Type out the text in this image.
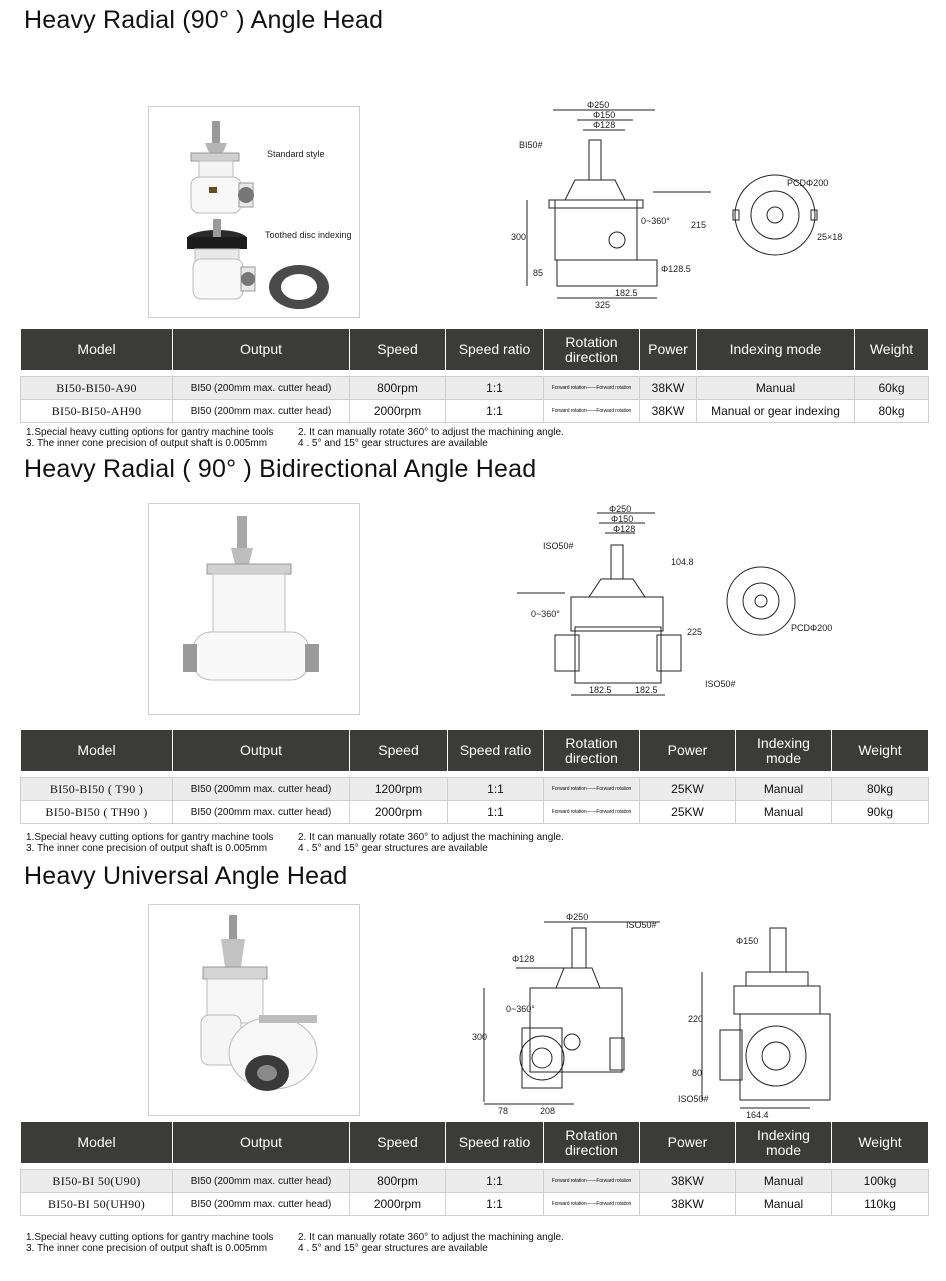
Heavy Radial (90° ) Angle Head
Standard style
Toothed disc indexing
Φ250
Φ150
Φ128
BI50#
300
85
325
182.5
0~360° 215
Φ128.5
PCDΦ200
25×18
Model	Output	Speed	Speed ratio	Rotation direction	Power	Indexing mode	Weight

BI50-BI50-A90	BI50 (200mm max. cutter head)	800rpm	1:1	Forward rotation——Forward rotation	38KW	Manual	60kg
BI50-BI50-AH90	BI50 (200mm max. cutter head)	2000rpm	1:1	Forward rotation——Forward rotation	38KW	Manual or gear indexing	80kg
1.Special heavy cutting options for gantry machine tools 2. It can manually rotate 360° to adjust the machining angle.
3. The inner cone precision of output shaft is 0.005mm	4 . 5° and 15° gear structures are available
Heavy Radial ( 90° ) Bidirectional Angle Head
Φ250
Φ150
Φ128
ISO50#
104.8
0~360°
225
182.5	182.5
ISO50#
PCDΦ200
Model	Output	Speed	Speed ratio	Rotation direction	Power	Indexing mode	Weight

BI50-BI50 ( T90 )	BI50 (200mm max. cutter head)	1200rpm	1:1	Forward rotation——Forward rotation	25KW	Manual	80kg
BI50-BI50 ( TH90 )	BI50 (200mm max. cutter head)	2000rpm	1:1	Forward rotation——Forward rotation	25KW	Manual	90kg
1.Special heavy cutting options for gantry machine tools 2. It can manually rotate 360° to adjust the machining angle.
3. The inner cone precision of output shaft is 0.005mm	4 . 5° and 15° gear structures are available
Heavy Universal Angle Head
Φ250
ISO50#
Φ128
0~360°
300
78	208
Φ150
220
80
164.4
ISO50#
Model	Output	Speed	Speed ratio	Rotation direction	Power	Indexing mode	Weight

BI50-BI 50(U90)	BI50 (200mm max. cutter head)	800rpm	1:1	Forward rotation——Forward rotation	38KW	Manual	100kg
BI50-BI 50(UH90)	BI50 (200mm max. cutter head)	2000rpm	1:1	Forward rotation——Forward rotation	38KW	Manual	110kg
1.Special heavy cutting options for gantry machine tools 2. It can manually rotate 360° to adjust the machining angle.
3. The inner cone precision of output shaft is 0.005mm	4 . 5° and 15° gear structures are available
